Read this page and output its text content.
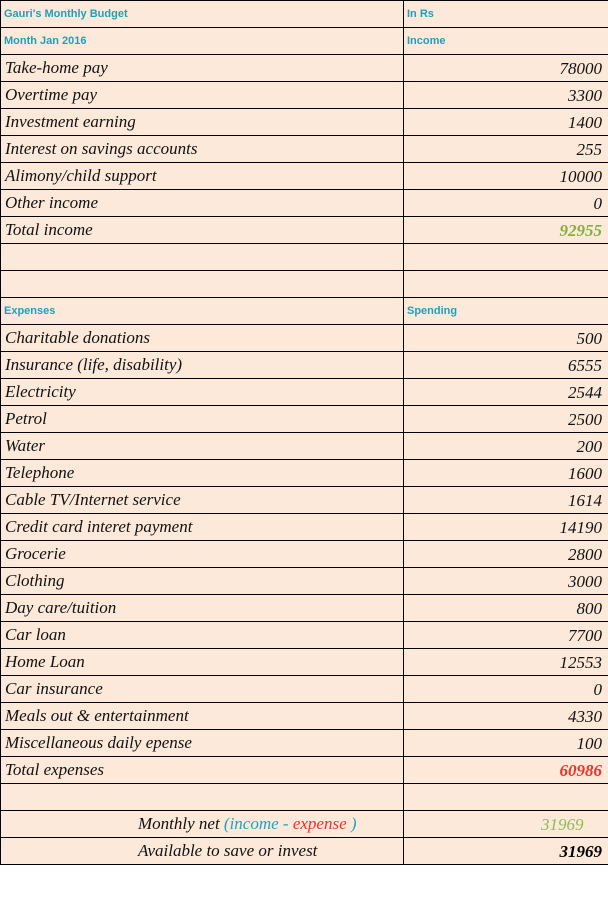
Gauri's Monthly Budget	In Rs
Month Jan 2016	Income
Take-home pay	78000
Overtime pay	3300
Investment earning	1400
Interest on savings accounts	255
Alimony/child support	10000
Other income	0
Total income	92955

Expenses	Spending
Charitable donations	500
Insurance (life, disability)	6555
Electricity	2544
Petrol	2500
Water	200
Telephone	1600
Cable TV/Internet service	1614
Credit card interet payment	14190
Grocerie	2800
Clothing	3000
Day care/tuition	800
Car loan	7700
Home Loan	12553
Car insurance	0
Meals out & entertainment	4330
Miscellaneous daily epense	100
Total expenses	60986

Monthly net (income - expense )	31969
Available to save or invest	31969
